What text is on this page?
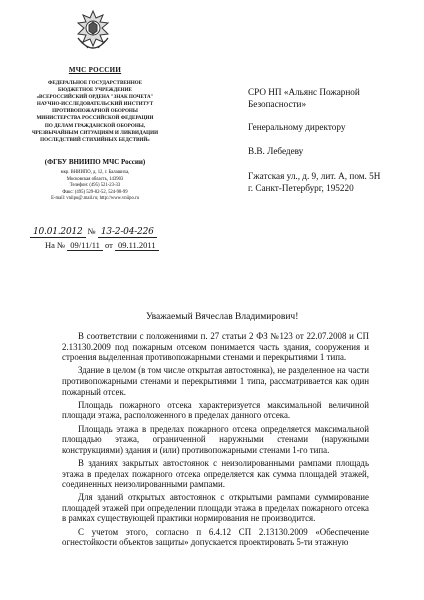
МЧС РОССИИ
ФЕДЕРАЛЬНОЕ ГОСУДАРСТВЕННОЕ
БЮДЖЕТНОЕ УЧРЕЖДЕНИЕ
«ВСЕРОССИЙСКИЙ ОРДЕНА "ЗНАК ПОЧЕТА"
НАУЧНО-ИССЛЕДОВАТЕЛЬСКИЙ ИНСТИТУТ
ПРОТИВОПОЖАРНОЙ ОБОРОНЫ
МИНИСТЕРСТВА РОССИЙСКОЙ ФЕДЕРАЦИИ
ПО ДЕЛАМ ГРАЖДАНСКОЙ ОБОРОНЫ,
ЧРЕЗВЫЧАЙНЫМ СИТУАЦИЯМ И ЛИКВИДАЦИИ
ПОСЛЕДСТВИЙ СТИХИЙНЫХ БЕДСТВИЙ»
(ФГБУ ВНИИПО МЧС России)
мкр. ВНИИПО, д. 12, г. Балашиха,
Московская область, 143903
Телефон: (495) 521-23-33
Факс: (495) 529-82-52, 524-98-99
E-mail: vniipo@.mail.ru; http://www.vniipo.ru
10.01.2012 № 13-2-04-226
На № 09/11/11 от 09.11.2011
СРО НП «Альянс Пожарной
Безопасности»
Генеральному директору
В.В. Лебедеву
Гжатская ул., д. 9, лит. А, пом. 5Н
г. Санкт-Петербург, 195220
Уважаемый Вячеслав Владимирович!

В соответствии с положениями п. 27 статьи 2 ФЗ №123 от 22.07.2008 и СП 2.13130.2009 под пожарным отсеком понимается часть здания, сооружения и строения выделенная противопожарными стенами и перекрытиями 1 типа.

Здание в целом (в том числе открытая автостоянка), не разделенное на части противопожарными стенами и перекрытиями 1 типа, рассматривается как один пожарный отсек.

Площадь пожарного отсека характеризуется максимальной величиной площади этажа, расположенного в пределах данного отсека.

Площадь этажа в пределах пожарного отсека определяется максимальной площадью этажа, ограниченной наружными стенами (наружными конструкциями) здания и (или) противопожарными стенами 1-го типа.

В зданиях закрытых автостоянок с неизолированными рампами площадь этажа в пределах пожарного отсека определяется как сумма площадей этажей, соединенных неизолированными рампами.

Для зданий открытых автостоянок с открытыми рампами суммирование площадей этажей при определении площади этажа в пределах пожарного отсека в рамках существующей практики нормирования не производится.

С учетом этого, согласно п 6.4.12 СП 2.13130.2009 «Обеспечение огнестойкости объектов защиты» допускается проектировать 5-ти этажную
